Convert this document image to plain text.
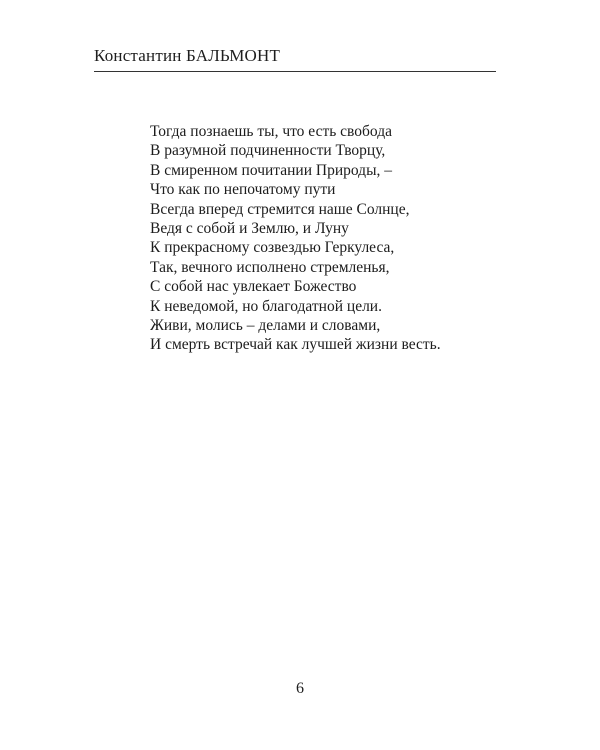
Константин БАЛЬМОНТ
Тогда познаешь ты, что есть свобода
В разумной подчиненности Творцу,
В смиренном почитании Природы, –
Что как по непочатому пути
Всегда вперед стремится наше Солнце,
Ведя с собой и Землю, и Луну
К прекрасному созвездью Геркулеса,
Так, вечного исполнено стремленья,
С собой нас увлекает Божество
К неведомой, но благодатной цели.
Живи, молись – делами и словами,
И смерть встречай как лучшей жизни весть.
6
